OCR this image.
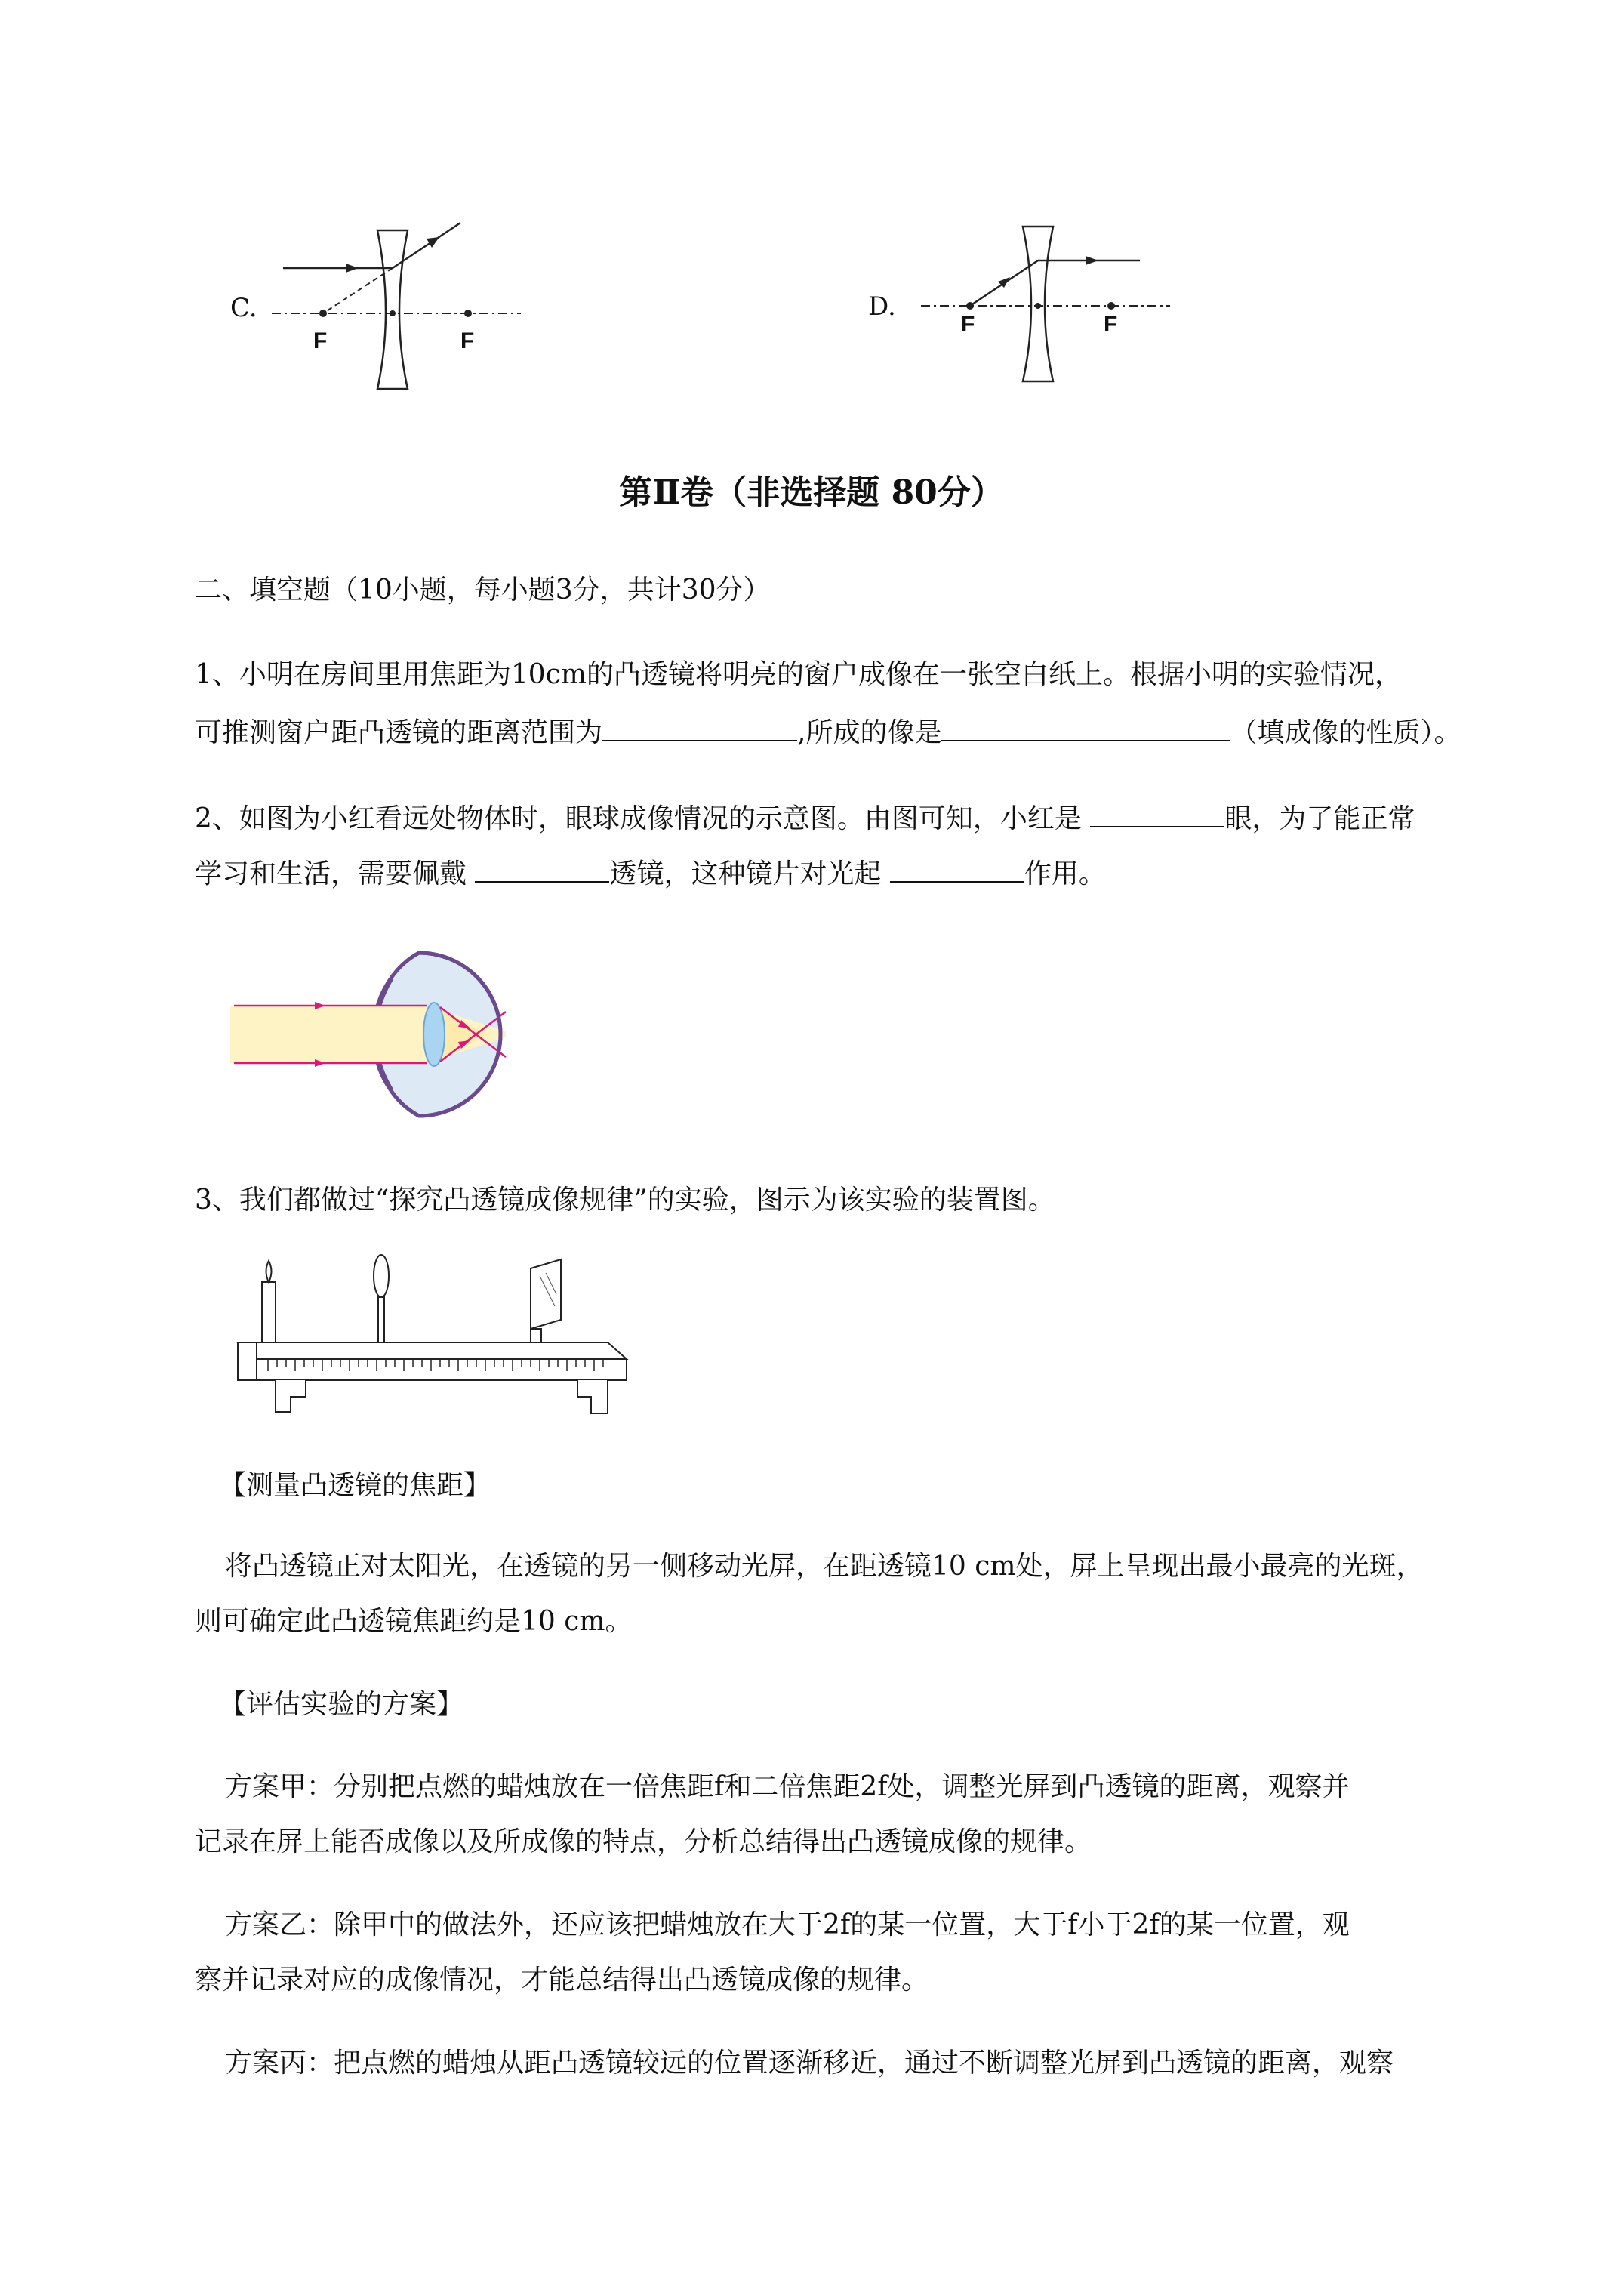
C.
F	F
D.
F	F
第Ⅱ卷（非选择题 80分）
二、填空题（10小题，每小题3分，共计30分）
1、小明在房间里用焦距为10cm的凸透镜将明亮的窗户成像在一张空白纸上。根据小明的实验情况，
可推测窗户距凸透镜的距离范围为	,所成的像是	（填成像的性质）。
2、如图为小红看远处物体时，眼球成像情况的示意图。由图可知，小红是	眼，为了能正常
学习和生活，需要佩戴	透镜，这种镜片对光起	作用。
3、我们都做过“探究凸透镜成像规律”的实验，图示为该实验的装置图。
【测量凸透镜的焦距】
将凸透镜正对太阳光，在透镜的另一侧移动光屏，在距透镜10 cm处，屏上呈现出最小最亮的光斑，
则可确定此凸透镜焦距约是10 cm。
【评估实验的方案】
方案甲：分别把点燃的蜡烛放在一倍焦距f和二倍焦距2f处，调整光屏到凸透镜的距离，观察并
记录在屏上能否成像以及所成像的特点，分析总结得出凸透镜成像的规律。
方案乙：除甲中的做法外，还应该把蜡烛放在大于2f的某一位置，大于f小于2f的某一位置，观
察并记录对应的成像情况，才能总结得出凸透镜成像的规律。
方案丙：把点燃的蜡烛从距凸透镜较远的位置逐渐移近，通过不断调整光屏到凸透镜的距离，观察
